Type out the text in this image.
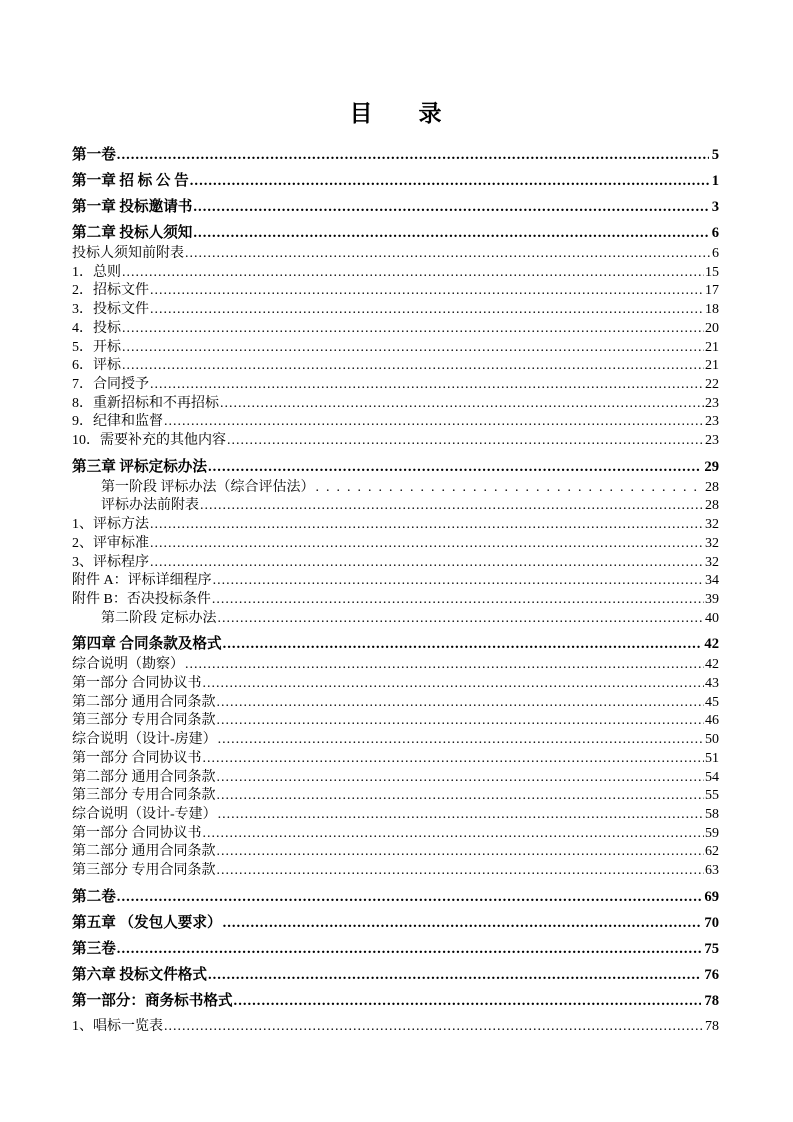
目　　录
第一卷 .....	5
第一章 招 标 公 告 .....	1
第一章 投标邀请书 .....	3
第二章 投标人须知 .....	6
投标人须知前附表 .....	6
1．总则 .....	15
2．招标文件 .....	17
3．投标文件 .....	18
4．投标 .....	20
5．开标 .....	21
6．评标 .....	21
7．合同授予 .....	22
8．重新招标和不再招标 .....	23
9．纪律和监督 .....	23
10．需要补充的其他内容 .....	23
第三章 评标定标办法 .....	29
第一阶段 评标办法（综合评估法） .....	28
评标办法前附表 .....	28
1、评标方法 .....	32
2、评审标准 .....	32
3、评标程序 .....	32
附件 A：评标详细程序 .....	34
附件 B：否决投标条件 .....	39
第二阶段 定标办法 .....	40
第四章 合同条款及格式 .....	42
综合说明（勘察） .....	42
第一部分 合同协议书 .....	43
第二部分 通用合同条款 .....	45
第三部分 专用合同条款 .....	46
综合说明（设计-房建） .....	50
第一部分 合同协议书 .....	51
第二部分 通用合同条款 .....	54
第三部分 专用合同条款 .....	55
综合说明（设计-专建） .....	58
第一部分 合同协议书 .....	59
第二部分 通用合同条款 .....	62
第三部分 专用合同条款 .....	63
第二卷 .....	69
第五章 （发包人要求） .....	70
第三卷 .....	75
第六章 投标文件格式 .....	76
第一部分：商务标书格式 .....	78
1、唱标一览表 .....	78
